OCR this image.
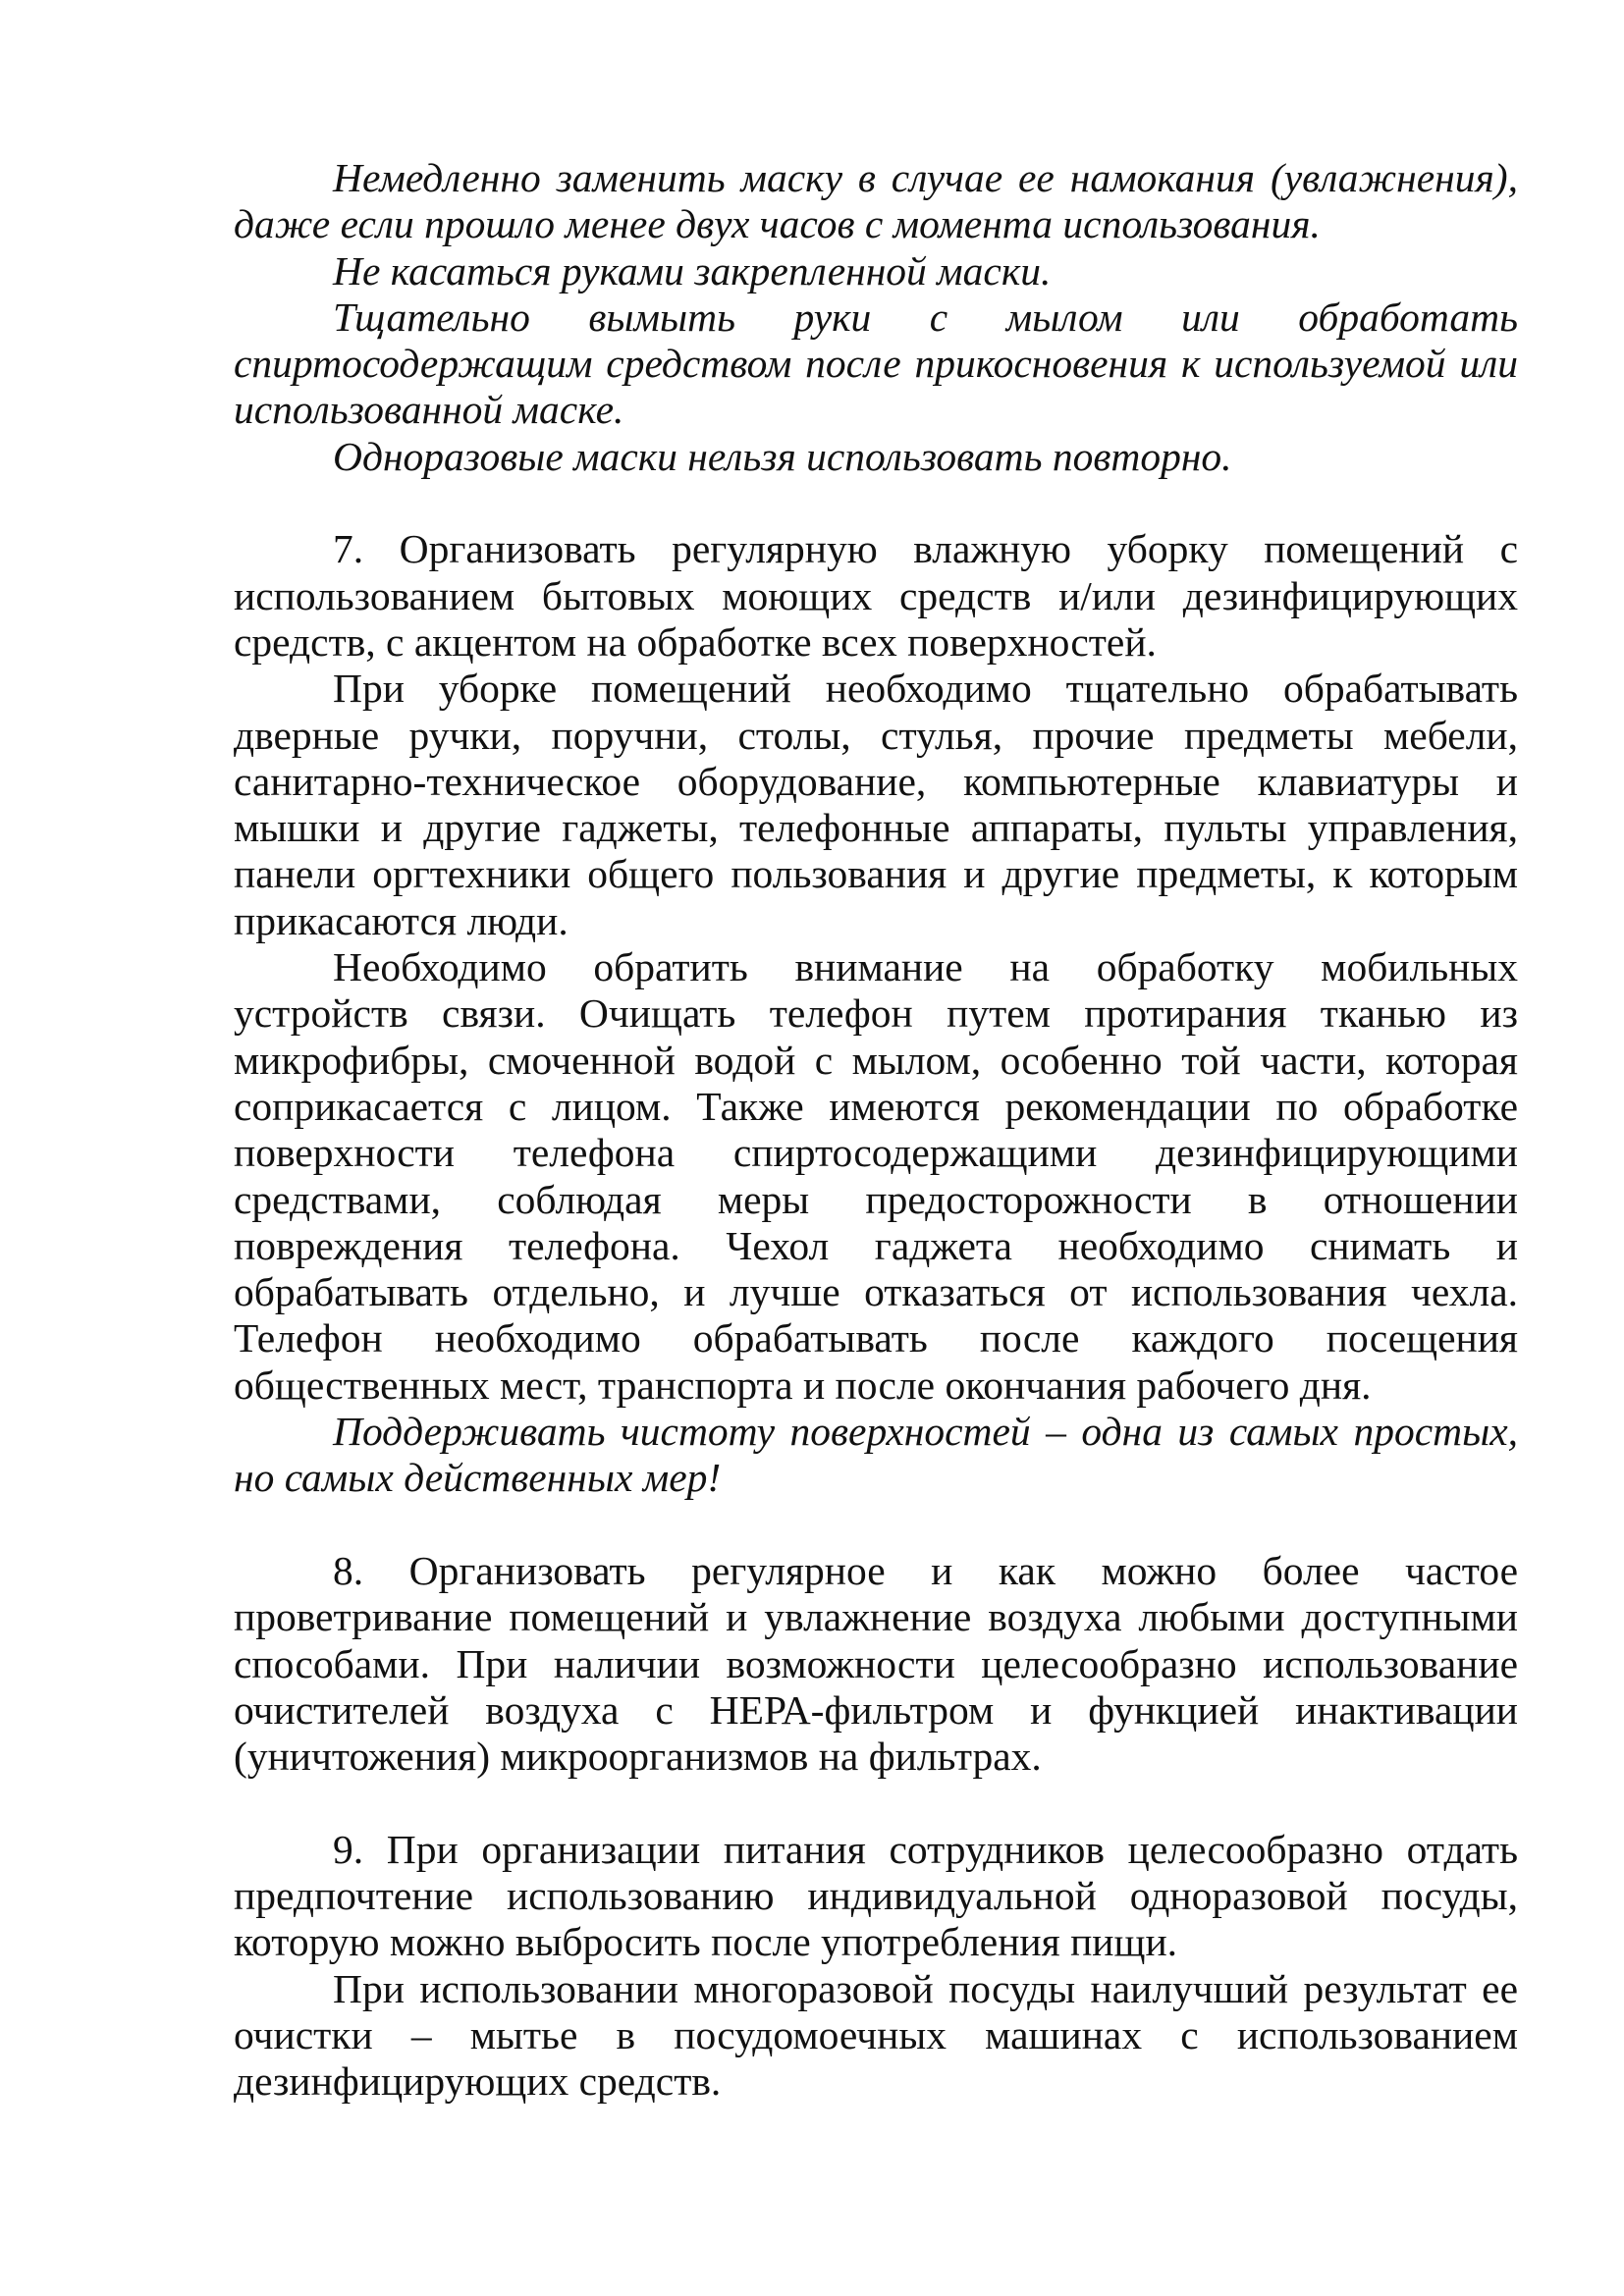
Немедленно заменить маску в случае ее намокания (увлажнения), даже если прошло менее двух часов с момента использования.

Не касаться руками закрепленной маски.

Тщательно вымыть руки с мылом или обработать спиртосодержащим средством после прикосновения к используемой или использованной маске.

Одноразовые маски нельзя использовать повторно.

7. Организовать регулярную влажную уборку помещений с использованием бытовых моющих средств и/или дезинфицирующих средств, с акцентом на обработке всех поверхностей.

При уборке помещений необходимо тщательно обрабатывать дверные ручки, поручни, столы, стулья, прочие предметы мебели, санитарно-техническое оборудование, компьютерные клавиатуры и мышки и другие гаджеты, телефонные аппараты, пульты управления, панели оргтехники общего пользования и другие предметы, к которым прикасаются люди.

Необходимо обратить внимание на обработку мобильных устройств связи. Очищать телефон путем протирания тканью из микрофибры, смоченной водой с мылом, особенно той части, которая соприкасается с лицом. Также имеются рекомендации по обработке поверхности телефона спиртосодержащими дезинфицирующими средствами, соблюдая меры предосторожности в отношении повреждения телефона. Чехол гаджета необходимо снимать и обрабатывать отдельно, и лучше отказаться от использования чехла. Телефон необходимо обрабатывать после каждого посещения общественных мест, транспорта и после окончания рабочего дня.

Поддерживать чистоту поверхностей – одна из самых простых, но самых действенных мер!

8. Организовать регулярное и как можно более частое проветривание помещений и увлажнение воздуха любыми доступными способами. При наличии возможности целесообразно использование очистителей воздуха с НЕРА-фильтром и функцией инактивации (уничтожения) микроорганизмов на фильтрах.

9. При организации питания сотрудников целесообразно отдать предпочтение использованию индивидуальной одноразовой посуды, которую можно выбросить после употребления пищи.

При использовании многоразовой посуды наилучший результат ее очистки – мытье в посудомоечных машинах с использованием дезинфицирующих средств.
